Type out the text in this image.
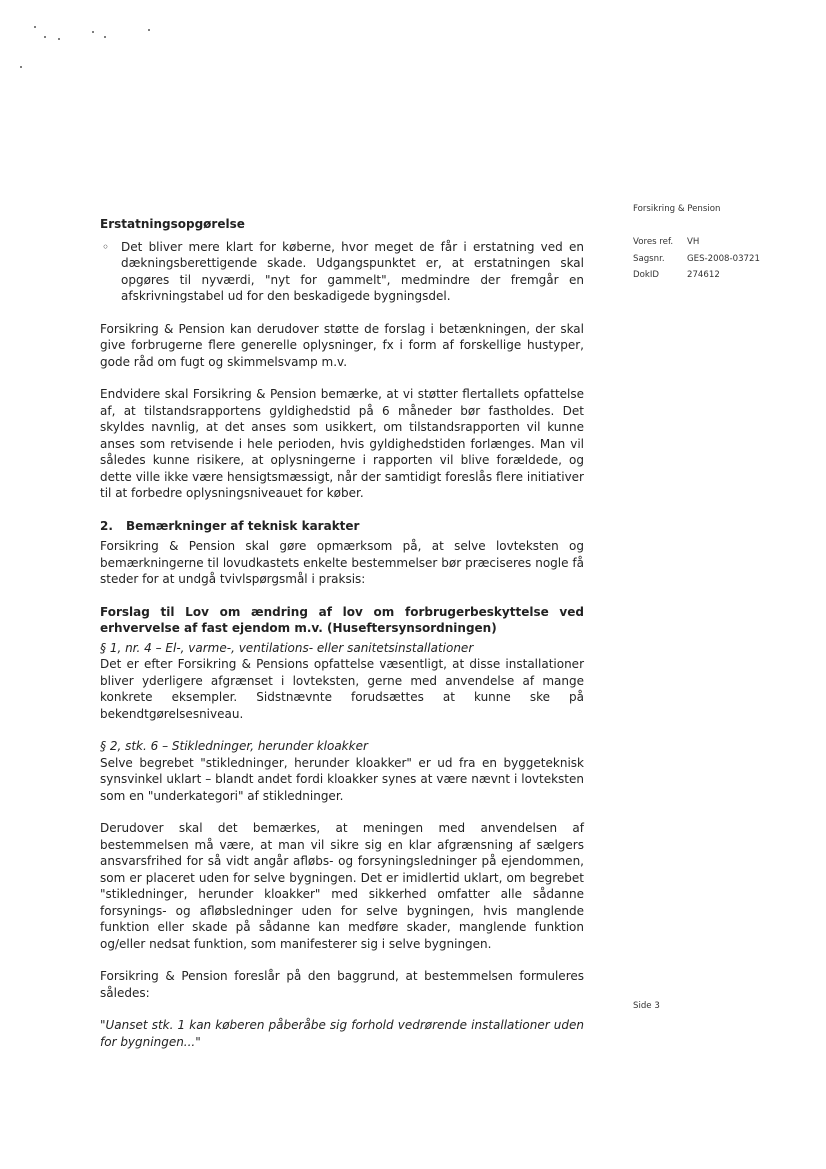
Forsikring & Pension
Vores ref.	VH
Sagsnr.	GES-2008-03721
DokID	274612
Side 3

Erstatningsopgørelse

◦ Det bliver mere klart for køberne, hvor meget de får i erstatning ved en dækningsberettigende skade. Udgangspunktet er, at erstatningen skal opgøres til nyværdi, "nyt for gammelt", medmindre der fremgår en afskrivningstabel ud for den beskadigede bygningsdel.

Forsikring & Pension kan derudover støtte de forslag i betænkningen, der skal give forbrugerne flere generelle oplysninger, fx i form af forskellige hustyper, gode råd om fugt og skimmelsvamp m.v.

Endvidere skal Forsikring & Pension bemærke, at vi støtter flertallets opfattelse af, at tilstandsrapportens gyldighedstid på 6 måneder bør fastholdes. Det skyldes navnlig, at det anses som usikkert, om tilstandsrapporten vil kunne anses som retvisende i hele perioden, hvis gyldighedstiden forlænges. Man vil således kunne risikere, at oplysningerne i rapporten vil blive forældede, og dette ville ikke være hensigtsmæssigt, når der samtidigt foreslås flere initiativer til at forbedre oplysningsniveauet for køber.

2. Bemærkninger af teknisk karakter

Forsikring & Pension skal gøre opmærksom på, at selve lovteksten og bemærkningerne til lovudkastets enkelte bestemmelser bør præciseres nogle få steder for at undgå tvivlspørgsmål i praksis:

Forslag til Lov om ændring af lov om forbrugerbeskyttelse ved erhvervelse af fast ejendom m.v. (Huseftersynsordningen)

§ 1, nr. 4 – El-, varme-, ventilations- eller sanitetsinstallationer

Det er efter Forsikring & Pensions opfattelse væsentligt, at disse installationer bliver yderligere afgrænset i lovteksten, gerne med anvendelse af mange konkrete eksempler. Sidstnævnte forudsættes at kunne ske på bekendtgørelsesniveau.

§ 2, stk. 6 – Stikledninger, herunder kloakker

Selve begrebet "stikledninger, herunder kloakker" er ud fra en byggeteknisk synsvinkel uklart – blandt andet fordi kloakker synes at være nævnt i lovteksten som en "underkategori" af stikledninger.

Derudover skal det bemærkes, at meningen med anvendelsen af bestemmelsen må være, at man vil sikre sig en klar afgrænsning af sælgers ansvarsfrihed for så vidt angår afløbs- og forsyningsledninger på ejendommen, som er placeret uden for selve bygningen. Det er imidlertid uklart, om begrebet "stikledninger, herunder kloakker" med sikkerhed omfatter alle sådanne forsynings- og afløbsledninger uden for selve bygningen, hvis manglende funktion eller skade på sådanne kan medføre skader, manglende funktion og/eller nedsat funktion, som manifesterer sig i selve bygningen.

Forsikring & Pension foreslår på den baggrund, at bestemmelsen formuleres således:

"Uanset stk. 1 kan køberen påberåbe sig forhold vedrørende installationer uden for bygningen..."
